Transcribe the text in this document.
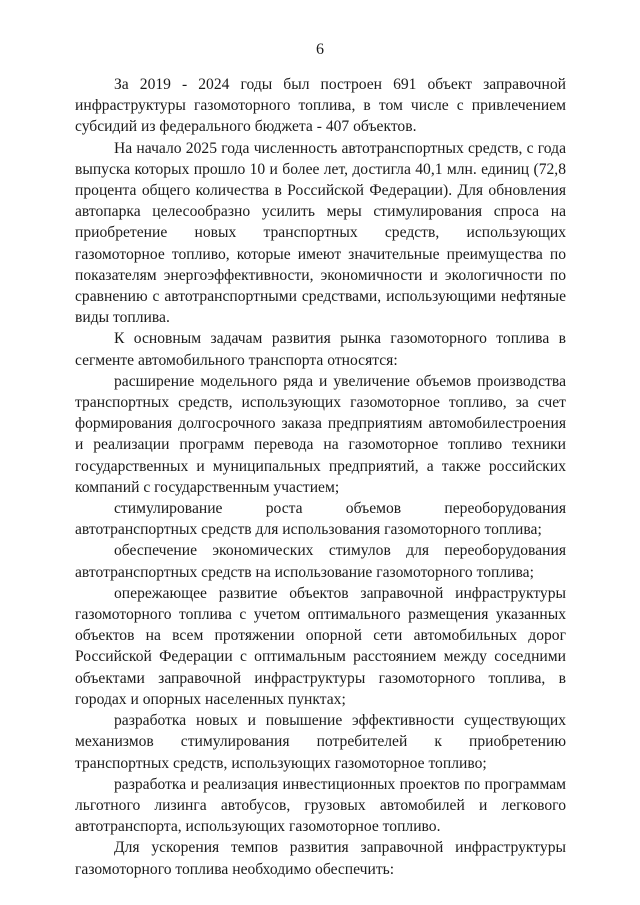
6

За 2019 - 2024 годы был построен 691 объект заправочной инфраструктуры газомоторного топлива, в том числе с привлечением субсидий из федерального бюджета - 407 объектов.

На начало 2025 года численность автотранспортных средств, с года выпуска которых прошло 10 и более лет, достигла 40,1 млн. единиц (72,8 процента общего количества в Российской Федерации). Для обновления автопарка целесообразно усилить меры стимулирования спроса на приобретение новых транспортных средств, использующих газомоторное топливо, которые имеют значительные преимущества по показателям энергоэффективности, экономичности и экологичности по сравнению с автотранспортными средствами, использующими нефтяные виды топлива.

К основным задачам развития рынка газомоторного топлива в сегменте автомобильного транспорта относятся:

расширение модельного ряда и увеличение объемов производства транспортных средств, использующих газомоторное топливо, за счет формирования долгосрочного заказа предприятиям автомобилестроения и реализации программ перевода на газомоторное топливо техники государственных и муниципальных предприятий, а также российских компаний с государственным участием;

стимулирование роста объемов переоборудования автотранспортных средств для использования газомоторного топлива;

обеспечение экономических стимулов для переоборудования автотранспортных средств на использование газомоторного топлива;

опережающее развитие объектов заправочной инфраструктуры газомоторного топлива с учетом оптимального размещения указанных объектов на всем протяжении опорной сети автомобильных дорог Российской Федерации с оптимальным расстоянием между соседними объектами заправочной инфраструктуры газомоторного топлива, в городах и опорных населенных пунктах;

разработка новых и повышение эффективности существующих механизмов стимулирования потребителей к приобретению транспортных средств, использующих газомоторное топливо;

разработка и реализация инвестиционных проектов по программам льготного лизинга автобусов, грузовых автомобилей и легкового автотранспорта, использующих газомоторное топливо.

Для ускорения темпов развития заправочной инфраструктуры газомоторного топлива необходимо обеспечить:
